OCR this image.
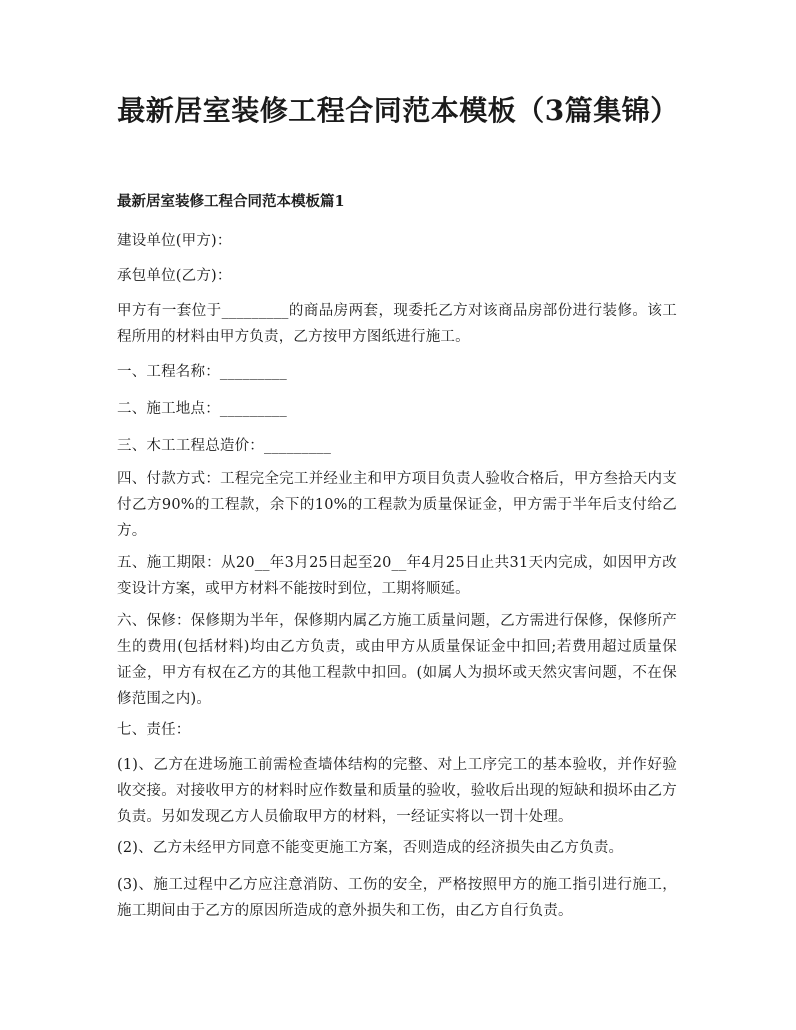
最新居室装修工程合同范本模板（3篇集锦）

最新居室装修工程合同范本模板篇1

建设单位(甲方)：

承包单位(乙方)：

甲方有一套位于_________的商品房两套，现委托乙方对该商品房部份进行装修。该工程所用的材料由甲方负责，乙方按甲方图纸进行施工。

一、工程名称：_________

二、施工地点：_________

三、木工工程总造价：_________

四、付款方式：工程完全完工并经业主和甲方项目负责人验收合格后，甲方叁拾天内支付乙方90%的工程款，余下的10%的工程款为质量保证金，甲方需于半年后支付给乙方。

五、施工期限：从20__年3月25日起至20__年4月25日止共31天内完成，如因甲方改变设计方案，或甲方材料不能按时到位，工期将顺延。

六、保修：保修期为半年，保修期内属乙方施工质量问题，乙方需进行保修，保修所产生的费用(包括材料)均由乙方负责，或由甲方从质量保证金中扣回;若费用超过质量保证金，甲方有权在乙方的其他工程款中扣回。(如属人为损坏或天然灾害问题，不在保修范围之内)。

七、责任：

(1)、乙方在进场施工前需检查墙体结构的完整、对上工序完工的基本验收，并作好验收交接。对接收甲方的材料时应作数量和质量的验收，验收后出现的短缺和损坏由乙方负责。另如发现乙方人员偷取甲方的材料，一经证实将以一罚十处理。

(2)、乙方未经甲方同意不能变更施工方案，否则造成的经济损失由乙方负责。

(3)、施工过程中乙方应注意消防、工伤的安全，严格按照甲方的施工指引进行施工，施工期间由于乙方的原因所造成的意外损失和工伤，由乙方自行负责。
